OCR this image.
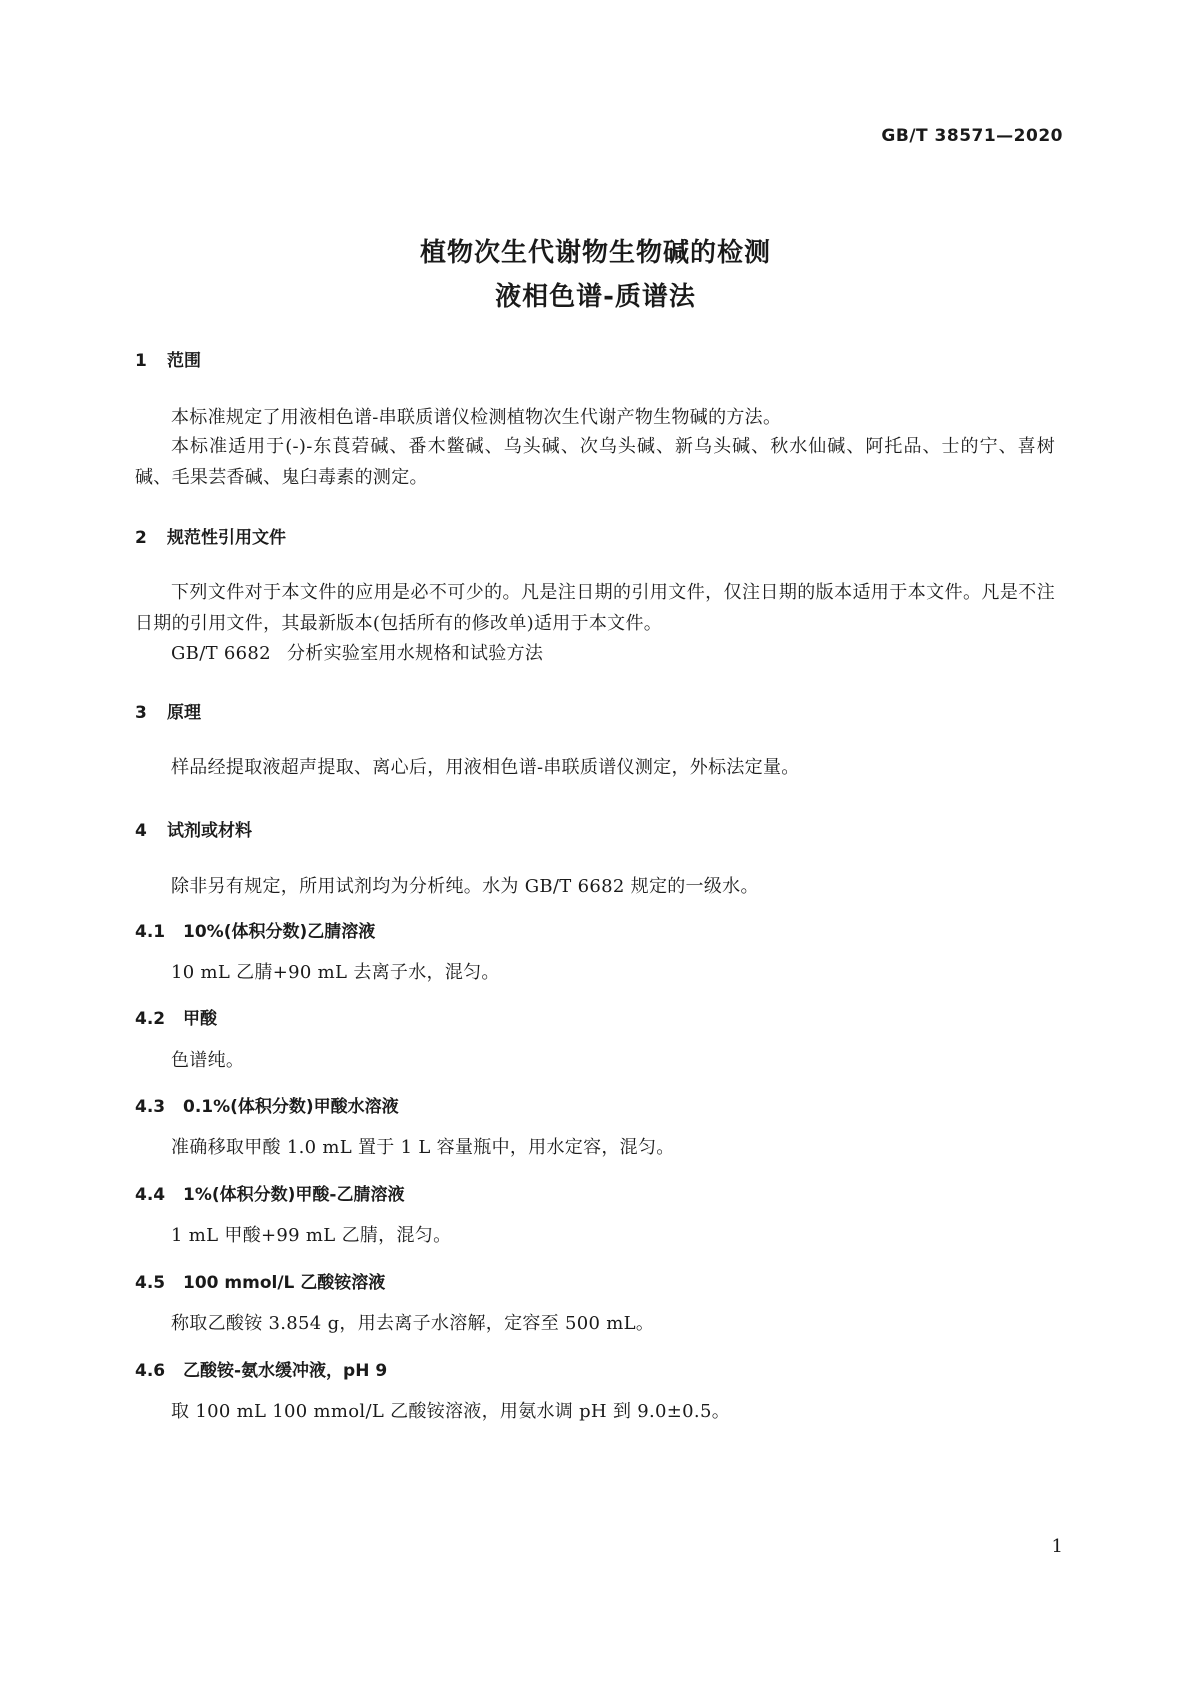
GB/T 38571—2020
植物次生代谢物生物碱的检测
液相色谱-质谱法
1 范围
本标准规定了用液相色谱-串联质谱仪检测植物次生代谢产物生物碱的方法。
本标准适用于(-)-东莨菪碱、番木鳖碱、乌头碱、次乌头碱、新乌头碱、秋水仙碱、阿托品、士的宁、喜树碱、毛果芸香碱、鬼臼毒素的测定。
2 规范性引用文件
下列文件对于本文件的应用是必不可少的。凡是注日期的引用文件，仅注日期的版本适用于本文件。凡是不注日期的引用文件，其最新版本(包括所有的修改单)适用于本文件。
GB/T 6682 分析实验室用水规格和试验方法
3 原理
样品经提取液超声提取、离心后，用液相色谱-串联质谱仪测定，外标法定量。
4 试剂或材料
除非另有规定，所用试剂均为分析纯。水为 GB/T 6682 规定的一级水。
4.1 10%(体积分数)乙腈溶液
10 mL 乙腈+90 mL 去离子水，混匀。
4.2 甲酸
色谱纯。
4.3 0.1%(体积分数)甲酸水溶液
准确移取甲酸 1.0 mL 置于 1 L 容量瓶中，用水定容，混匀。
4.4 1%(体积分数)甲酸-乙腈溶液
1 mL 甲酸+99 mL 乙腈，混匀。
4.5 100 mmol/L 乙酸铵溶液
称取乙酸铵 3.854 g，用去离子水溶解，定容至 500 mL。
4.6 乙酸铵-氨水缓冲液，pH 9
取 100 mL 100 mmol/L 乙酸铵溶液，用氨水调 pH 到 9.0±0.5。
1
